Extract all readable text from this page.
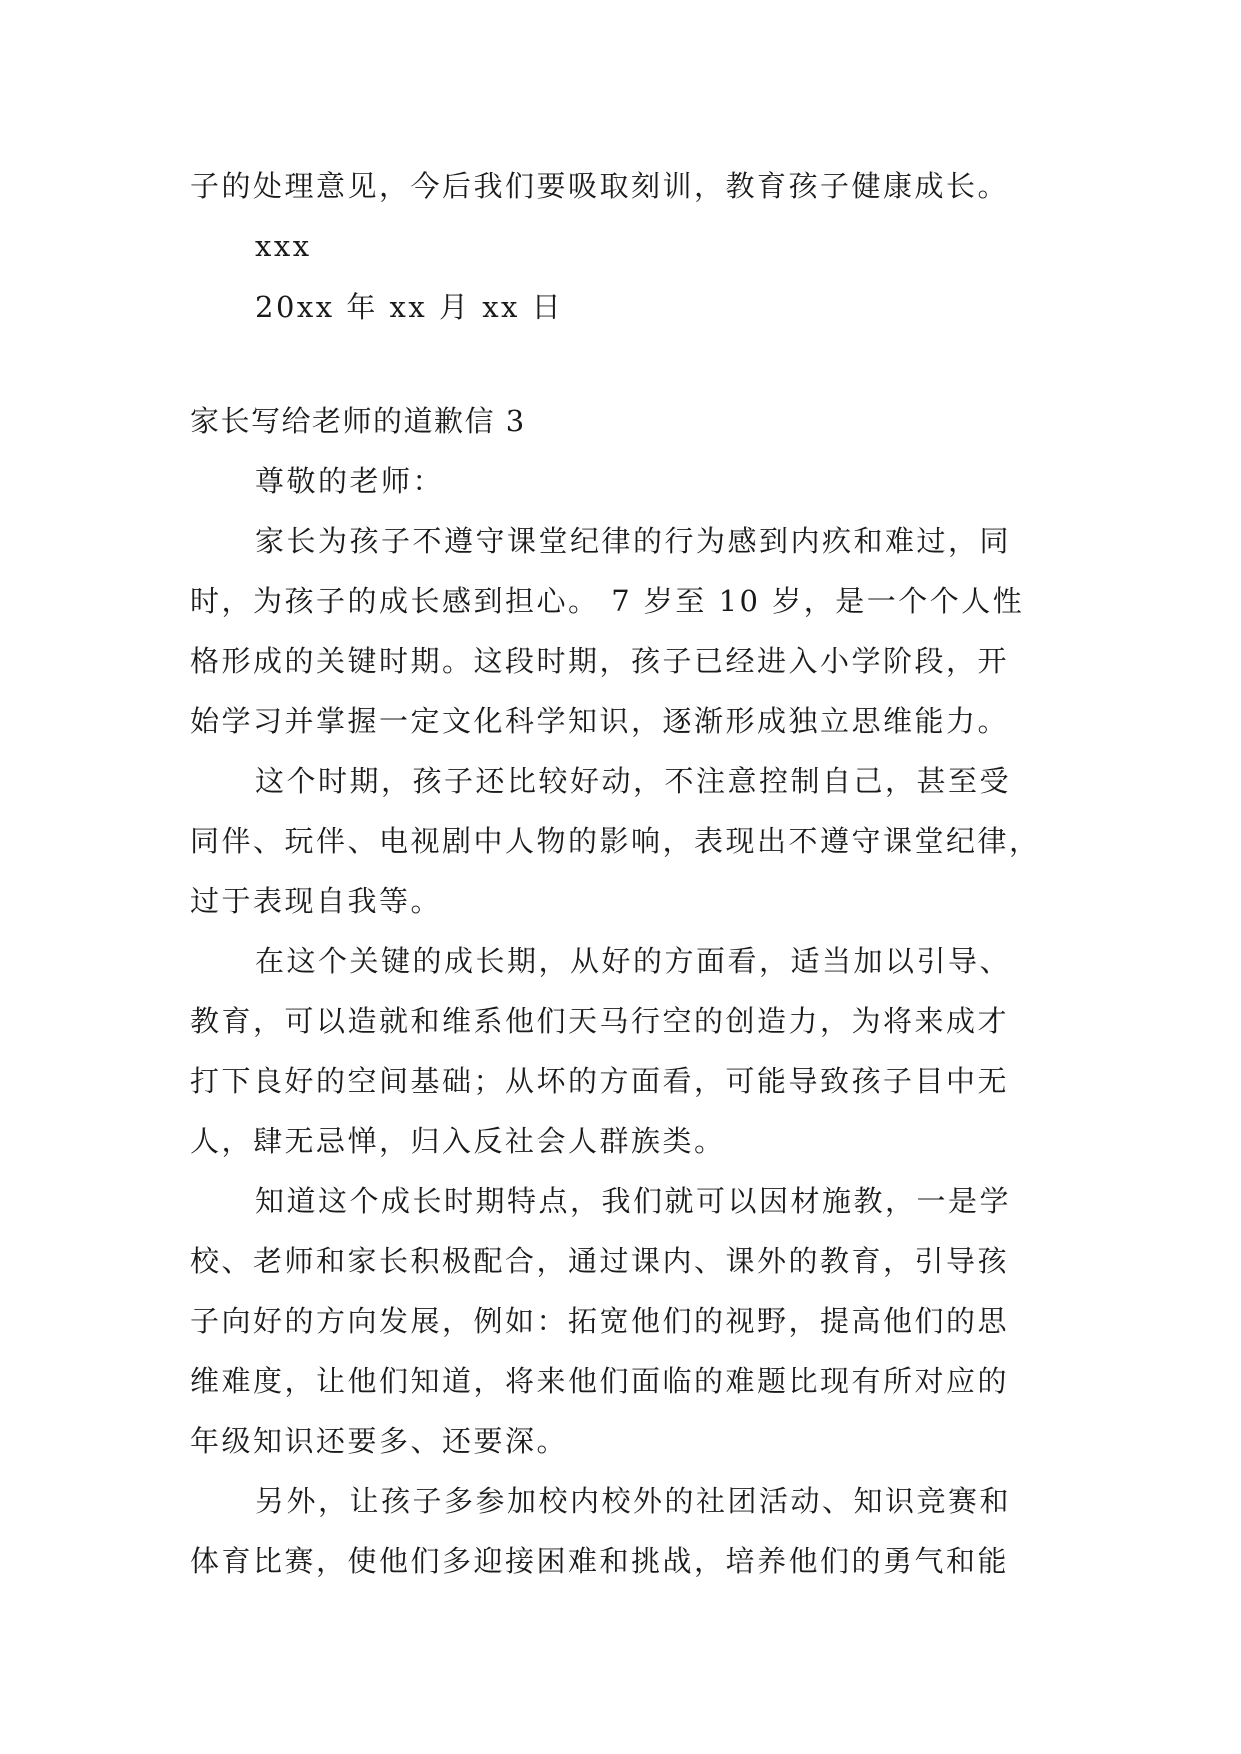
子的处理意见，今后我们要吸取刻训，教育孩子健康成长。

xxx
20xx 年 xx 月 xx 日
家长写给老师的道歉信 3
尊敬的老师：
家长为孩子不遵守课堂纪律的行为感到内疚和难过，同
时，为孩子的成长感到担心。 7 岁至 10 岁，是一个个人性
格形成的关键时期。这段时期，孩子已经进入小学阶段，开
始学习并掌握一定文化科学知识，逐渐形成独立思维能力。
这个时期，孩子还比较好动，不注意控制自己，甚至受
同伴、玩伴、电视剧中人物的影响，表现出不遵守课堂纪律，
过于表现自我等。
在这个关键的成长期，从好的方面看，适当加以引导、
教育，可以造就和维系他们天马行空的创造力，为将来成才
打下良好的空间基础；从坏的方面看，可能导致孩子目中无
人，肆无忌惮，归入反社会人群族类。
知道这个成长时期特点，我们就可以因材施教，一是学
校、老师和家长积极配合，通过课内、课外的教育，引导孩
子向好的方向发展，例如：拓宽他们的视野，提高他们的思
维难度，让他们知道，将来他们面临的难题比现有所对应的
年级知识还要多、还要深。
另外，让孩子多参加校内校外的社团活动、知识竞赛和
体育比赛，使他们多迎接困难和挑战，培养他们的勇气和能
